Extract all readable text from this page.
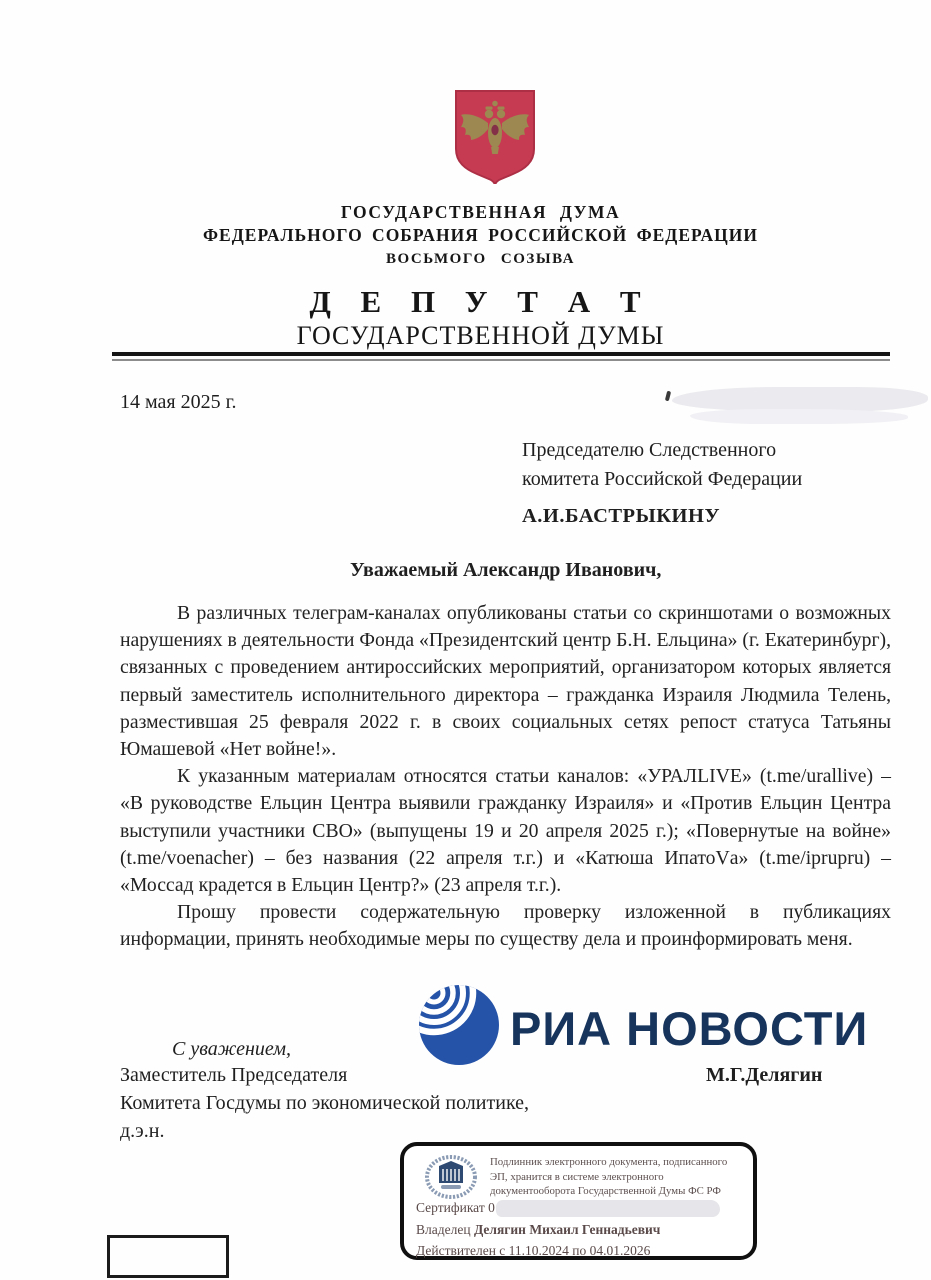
ГОСУДАРСТВЕННАЯ ДУМА
ФЕДЕРАЛЬНОГО СОБРАНИЯ РОССИЙСКОЙ ФЕДЕРАЦИИ
ВОСЬМОГО СОЗЫВА
Д Е П У Т А Т
ГОСУДАРСТВЕННОЙ ДУМЫ
14 мая 2025 г.
Председателю Следственного
комитета Российской Федерации
А.И.БАСТРЫКИНУ
Уважаемый Александр Иванович,

В различных телеграм-каналах опубликованы статьи со скриншотами о возможных нарушениях в деятельности Фонда «Президентский центр Б.Н. Ельцина» (г. Екатеринбург), связанных с проведением антироссийских мероприятий, организатором которых является первый заместитель исполнительного директора – гражданка Израиля Людмила Телень, разместившая 25 февраля 2022 г. в своих социальных сетях репост статуса Татьяны Юмашевой «Нет войне!».

К указанным материалам относятся статьи каналов: «УРАЛLIVE» (t.me/urallive) – «В руководстве Ельцин Центра выявили гражданку Израиля» и «Против Ельцин Центра выступили участники СВО» (выпущены 19 и 20 апреля 2025 г.); «Повернутые на войне» (t.me/voenacher) – без названия (22 апреля т.г.) и «Катюша ИпатоVа» (t.me/iprupru) – «Моссад крадется в Ельцин Центр?» (23 апреля т.г.).

Прошу провести содержательную проверку изложенной в публикациях информации, принять необходимые меры по существу дела и проинформировать меня.

РИА НОВОСТИ
С уважением,
Заместитель Председателя	М.Г.Делягин
Комитета Госдумы по экономической политике,
д.э.н.
Подлинник электронного документа, подписанного ЭП, хранится в системе электронного документооборота Государственной Думы ФС РФ
Сертификат 0
Владелец Делягин Михаил Геннадьевич
Действителен с 11.10.2024 по 04.01.2026
